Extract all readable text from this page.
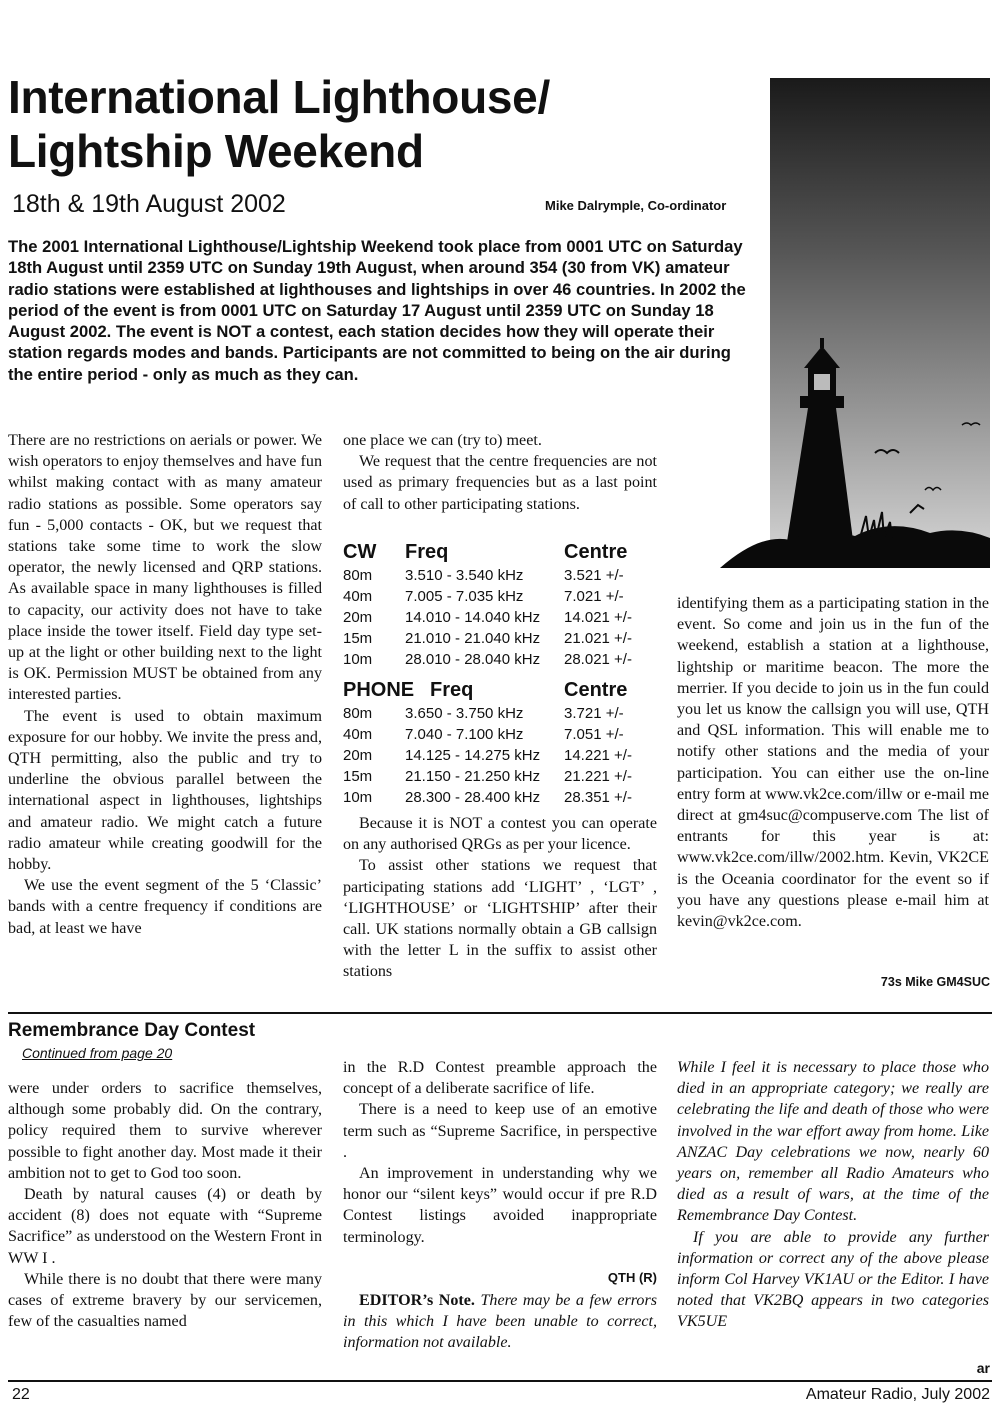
International Lighthouse/
Lightship Weekend
18th & 19th August 2002	Mike Dalrymple, Co-ordinator
The 2001 International Lighthouse/Lightship Weekend took place from 0001 UTC on Saturday 18th August until 2359 UTC on Sunday 19th August, when around 354 (30 from VK) amateur radio stations were established at lighthouses and lightships in over 46 countries. In 2002 the period of the event is from 0001 UTC on Saturday 17 August until 2359 UTC on Sunday 18 August 2002. The event is NOT a contest, each station decides how they will operate their station regards modes and bands. Participants are not committed to being on the air during the entire period - only as much as they can.

There are no restrictions on aerials or power. We wish operators to enjoy themselves and have fun whilst making contact with as many amateur radio stations as possible. Some operators say fun - 5,000 contacts - OK, but we request that stations take some time to work the slow operator, the newly licensed and QRP stations. As available space in many lighthouses is filled to capacity, our activity does not have to take place inside the tower itself. Field day type set-up at the light or other building next to the light is OK. Permission MUST be obtained from any interested parties.

The event is used to obtain maximum exposure for our hobby. We invite the press and, QTH permitting, also the public and try to underline the obvious parallel between the international aspect in lighthouses, lightships and amateur radio. We might catch a future radio amateur while creating goodwill for the hobby.

We use the event segment of the 5 ‘Classic’ bands with a centre frequency if conditions are bad, at least we have

one place we can (try to) meet.

We request that the centre frequencies are not used as primary frequencies but as a last point of call to other participating stations.

CW Freq	Centre
80m 3.510 - 3.540 kHz	3.521 +/-
40m 7.005 - 7.035 kHz	7.021 +/-
20m 14.010 - 14.040 kHz 14.021 +/-
15m 21.010 - 21.040 kHz 21.021 +/-
10m 28.010 - 28.040 kHz 28.021 +/-
PHONE Freq	Centre
80m 3.650 - 3.750 kHz	3.721 +/-
40m 7.040 - 7.100 kHz	7.051 +/-
20m 14.125 - 14.275 kHz 14.221 +/-
15m 21.150 - 21.250 kHz 21.221 +/-
10m 28.300 - 28.400 kHz 28.351 +/-

Because it is NOT a contest you can operate on any authorised QRGs as per your licence.

To assist other stations we request that participating stations add ‘LIGHT’ , ‘LGT’ , ‘LIGHTHOUSE’ or ‘LIGHTSHIP’ after their call. UK stations normally obtain a GB callsign with the letter L in the suffix to assist other stations

identifying them as a participating station in the event. So come and join us in the fun of the weekend, establish a station at a lighthouse, lightship or maritime beacon. The more the merrier. If you decide to join us in the fun could you let us know the callsign you will use, QTH and QSL information. This will enable me to notify other stations and the media of your participation. You can either use the on-line entry form at www.vk2ce.com/illw or e-mail me direct at gm4suc@compuserve.com The list of entrants for this year is at: www.vk2ce.com/illw/2002.htm. Kevin, VK2CE is the Oceania coordinator for the event so if you have any questions please e-mail him at kevin@vk2ce.com.

73s Mike GM4SUC
Remembrance Day Contest
Continued from page 20

were under orders to sacrifice themselves, although some probably did. On the contrary, policy required them to survive wherever possible to fight another day. Most made it their ambition not to get to God too soon.

Death by natural causes (4) or death by accident (8) does not equate with “Supreme Sacrifice” as understood on the Western Front in WW I .

While there is no doubt that there were many cases of extreme bravery by our servicemen, few of the casualties named

in the R.D Contest preamble approach the concept of a deliberate sacrifice of life.

There is a need to keep use of an emotive term such as “Supreme Sacrifice, in perspective .

An improvement in understanding why we honor our “silent keys” would occur if pre R.D Contest listings avoided inappropriate terminology.

QTH (R)

EDITOR’s Note. There may be a few errors in this which I have been unable to correct, information not available.

While I feel it is necessary to place those who died in an appropriate category; we really are celebrating the life and death of those who were involved in the war effort away from home. Like ANZAC Day celebrations we now, nearly 60 years on, remember all Radio Amateurs who died as a result of wars, at the time of the Remembrance Day Contest.

If you are able to provide any further information or correct any of the above please inform Col Harvey VK1AU or the Editor. I have noted that VK2BQ appears in two categories VK5UE

ar
22	Amateur Radio, July 2002
